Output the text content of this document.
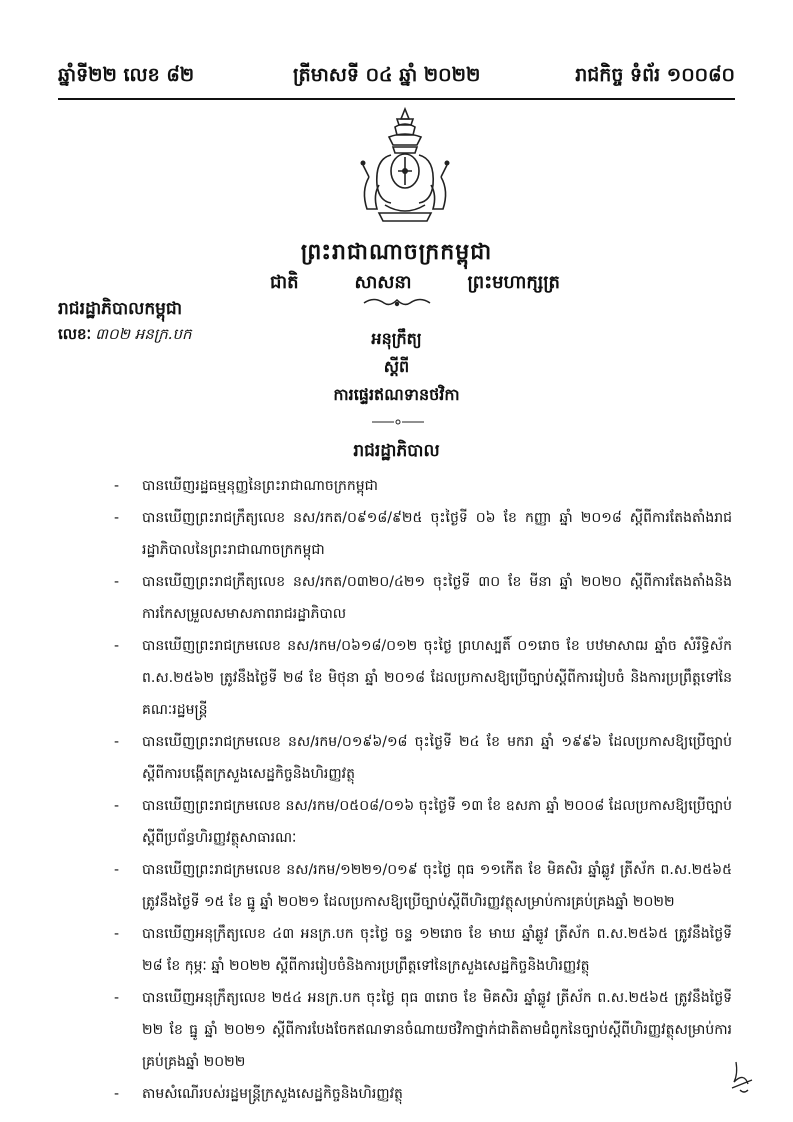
ឆ្នាំទី២២ លេខ ៨២	ត្រីមាសទី ០៤ ឆ្នាំ ២០២២	រាជកិច្ច ទំព័រ ១០០៨០
ព្រះរាជាណាចក្រកម្ពុជា
ជាតិ	សាសនា	ព្រះមហាក្សត្រ
រាជរដ្ឋាភិបាលកម្ពុជា
លេខៈ ៣០២ អនក្រ.បក	អនុក្រឹត្យ
ស្តីពី
ការផ្ទេរឥណទានថវិកា
រាជរដ្ឋាភិបាល
- បានឃើញរដ្ឋធម្មនុញ្ញនៃព្រះរាជាណាចក្រកម្ពុជា
- បានឃើញព្រះរាជក្រឹត្យលេខ នស/រកត/០៩១៨/៩២៥ ចុះថ្ងៃទី ០៦ ខែ កញ្ញា ឆ្នាំ ២០១៨ ស្តីពីការតែងតាំងរាជរដ្ឋាភិបាលនៃព្រះរាជាណាចក្រកម្ពុជា
- បានឃើញព្រះរាជក្រឹត្យលេខ នស/រកត/០៣២០/៤២១ ចុះថ្ងៃទី ៣០ ខែ មីនា ឆ្នាំ ២០២០ ស្តីពីការតែងតាំងនិងការកែសម្រួលសមាសភាពរាជរដ្ឋាភិបាល
- បានឃើញព្រះរាជក្រមលេខ នស/រកម/០៦១៨/០១២ ចុះថ្ងៃ ព្រហស្បតិ៍ ០១រោច ខែ បឋមាសាឍ ឆ្នាំច សំរឹទ្ធិស័ក ព.ស.២៥៦២ ត្រូវនឹងថ្ងៃទី ២៨ ខែ មិថុនា ឆ្នាំ ២០១៨ ដែលប្រកាសឱ្យប្រើច្បាប់ស្តីពីការរៀបចំ និងការប្រព្រឹត្តទៅនៃគណៈរដ្ឋមន្ត្រី
- បានឃើញព្រះរាជក្រមលេខ នស/រកម/០១៩៦/១៨ ចុះថ្ងៃទី ២៤ ខែ មករា ឆ្នាំ ១៩៩៦ ដែលប្រកាសឱ្យប្រើច្បាប់ស្តីពីការបង្កើតក្រសួងសេដ្ឋកិច្ចនិងហិរញ្ញវត្ថុ
- បានឃើញព្រះរាជក្រមលេខ នស/រកម/០៥០៨/០១៦ ចុះថ្ងៃទី ១៣ ខែ ឧសភា ឆ្នាំ ២០០៨ ដែលប្រកាសឱ្យប្រើច្បាប់ស្តីពីប្រព័ន្ធហិរញ្ញវត្ថុសាធារណៈ
- បានឃើញព្រះរាជក្រមលេខ នស/រកម/១២២១/០១៩ ចុះថ្ងៃ ពុធ ១១កើត ខែ មិគសិរ ឆ្នាំឆ្លូវ ត្រីស័ក ព.ស.២៥៦៥ ត្រូវនឹងថ្ងៃទី ១៥ ខែ ធ្នូ ឆ្នាំ ២០២១ ដែលប្រកាសឱ្យប្រើច្បាប់ស្តីពីហិរញ្ញវត្ថុសម្រាប់ការគ្រប់គ្រងឆ្នាំ ២០២២
- បានឃើញអនុក្រឹត្យលេខ ៤៣ អនក្រ.បក ចុះថ្ងៃ ចន្ទ ១២រោច ខែ មាឃ ឆ្នាំឆ្លូវ ត្រីស័ក ព.ស.២៥៦៥ ត្រូវនឹងថ្ងៃទី ២៨ ខែ កុម្ភៈ ឆ្នាំ ២០២២ ស្តីពីការរៀបចំនិងការប្រព្រឹត្តទៅនៃក្រសួងសេដ្ឋកិច្ចនិងហិរញ្ញវត្ថុ
- បានឃើញអនុក្រឹត្យលេខ ២៥៤ អនក្រ.បក ចុះថ្ងៃ ពុធ ៣រោច ខែ មិគសិរ ឆ្នាំឆ្លូវ ត្រីស័ក ព.ស.២៥៦៥ ត្រូវនឹងថ្ងៃទី ២២ ខែ ធ្នូ ឆ្នាំ ២០២១ ស្តីពីការបែងចែកឥណទានចំណាយថវិកាថ្នាក់ជាតិតាមជំពូកនៃច្បាប់ស្តីពីហិរញ្ញវត្ថុសម្រាប់ការគ្រប់គ្រងឆ្នាំ ២០២២
- តាមសំណើរបស់រដ្ឋមន្ត្រីក្រសួងសេដ្ឋកិច្ចនិងហិរញ្ញវត្ថុ
